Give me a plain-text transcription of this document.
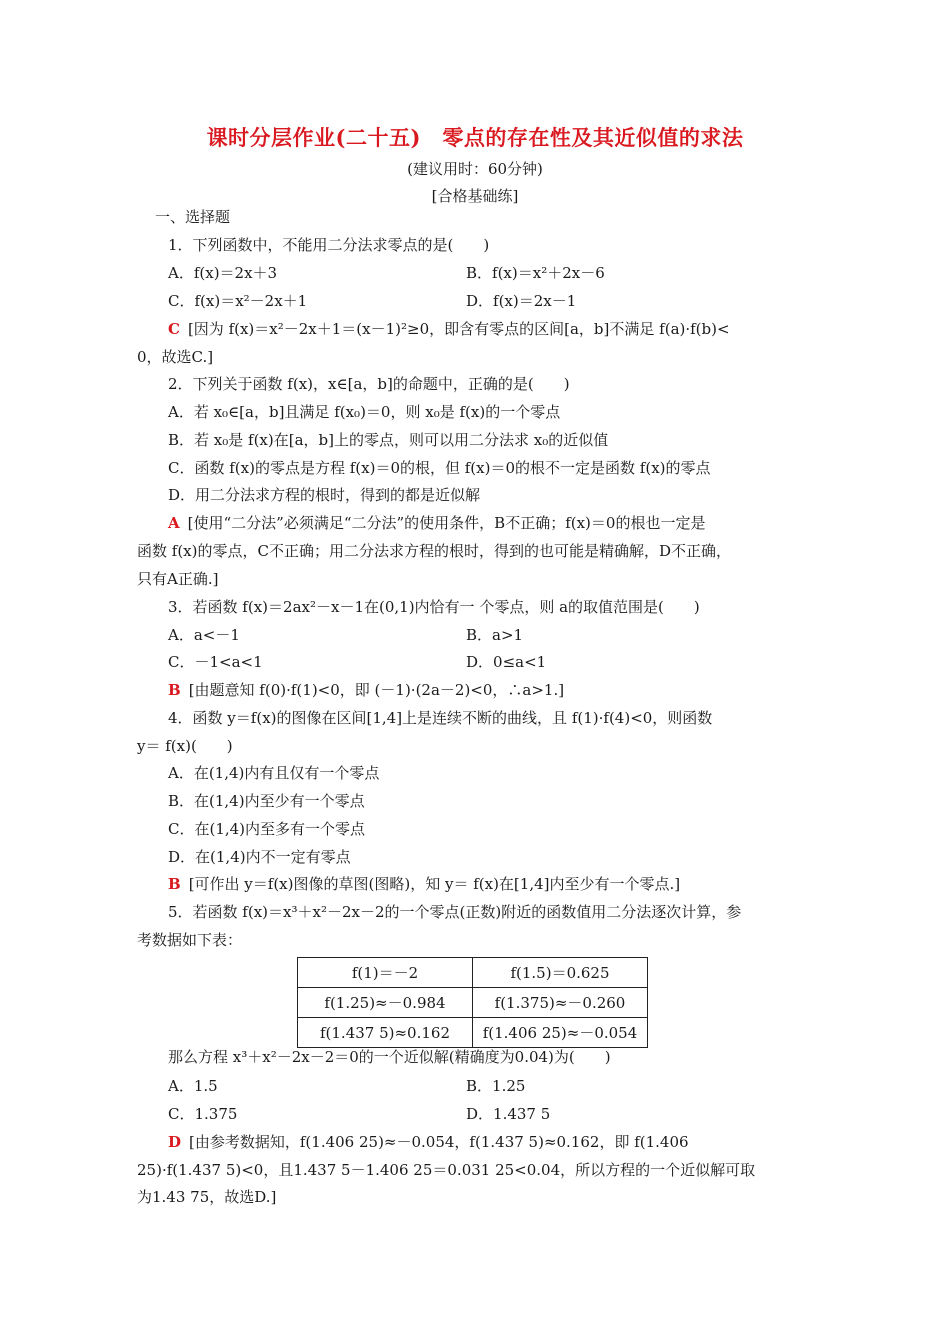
课时分层作业(二十五)　零点的存在性及其近似值的求法
(建议用时：60分钟)
[合格基础练]
一、选择题
1．下列函数中，不能用二分法求零点的是(　　)
A．f(x)＝2x＋3	B．f(x)＝x²＋2x－6
C．f(x)＝x²－2x＋1	D．f(x)＝2x－1
C [因为 f(x)＝x²－2x＋1＝(x－1)²≥0，即含有零点的区间[a，b]不满足 f(a)·f(b)<
0，故选C.]
2．下列关于函数 f(x)，x∈[a，b]的命题中，正确的是(　　)
A．若 x₀∈[a，b]且满足 f(x₀)＝0，则 x₀是 f(x)的一个零点
B．若 x₀是 f(x)在[a，b]上的零点，则可以用二分法求 x₀的近似值
C．函数 f(x)的零点是方程 f(x)＝0的根，但 f(x)＝0的根不一定是函数 f(x)的零点
D．用二分法求方程的根时，得到的都是近似解
A [使用“二分法”必须满足“二分法”的使用条件，B不正确；f(x)＝0的根也一定是
函数 f(x)的零点，C不正确；用二分法求方程的根时，得到的也可能是精确解，D不正确，
只有A正确.]
3．若函数 f(x)＝2ax²－x－1在(0,1)内恰有一 个零点，则 a的取值范围是(　　)
A．a<－1	B．a>1
C．－1<a<1	D．0≤a<1
B [由题意知 f(0)·f(1)<0，即 (－1)·(2a－2)<0，∴a>1.]
4．函数 y＝f(x)的图像在区间[1,4]上是连续不断的曲线，且 f(1)·f(4)<0，则函数
y＝ f(x)(　　)
A．在(1,4)内有且仅有一个零点
B．在(1,4)内至少有一个零点
C．在(1,4)内至多有一个零点
D．在(1,4)内不一定有零点
B [可作出 y＝f(x)图像的草图(图略)，知 y＝ f(x)在[1,4]内至少有一个零点.]
5．若函数 f(x)＝x³＋x²－2x－2的一个零点(正数)附近的函数值用二分法逐次计算，参
考数据如下表：
f(1)＝－2	f(1.5)＝0.625
f(1.25)≈－0.984	f(1.375)≈－0.260
f(1.437 5)≈0.162	f(1.406 25)≈－0.054
那么方程 x³＋x²－2x－2＝0的一个近似解(精确度为0.04)为(　　)
A．1.5	B．1.25
C．1.375	D．1.437 5
D [由参考数据知，f(1.406 25)≈－0.054，f(1.437 5)≈0.162，即 f(1.406
25)·f(1.437 5)<0，且1.437 5－1.406 25＝0.031 25<0.04，所以方程的一个近似解可取
为1.43 75，故选D.]
